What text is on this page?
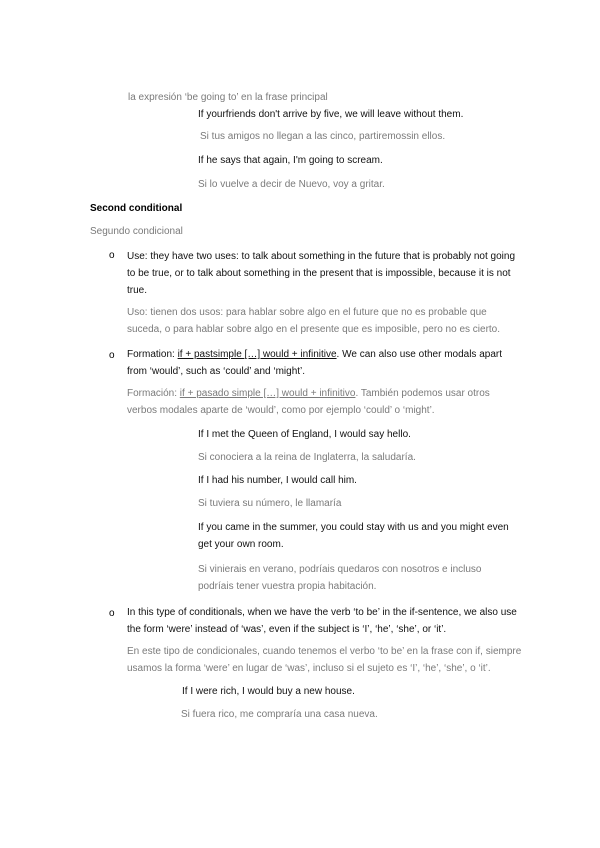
la expresión ‘be going to’ en la frase principal
If yourfriends don't arrive by five, we will leave without them.
Si tus amigos no llegan a las cinco, partiremossin ellos.
If he says that again, I'm going to scream.
Si lo vuelve a decir de Nuevo, voy a gritar.
Second conditional
Segundo condicional
o Use: they have two uses: to talk about something in the future that is probably not going
to be true, or to talk about something in the present that is impossible, because it is not
true.
Uso: tienen dos usos: para hablar sobre algo en el future que no es probable que
suceda, o para hablar sobre algo en el presente que es imposible, pero no es cierto.
o Formation: if + pastsimple […] would + infinitive. We can also use other modals apart
from ‘would’, such as ‘could’ and ‘might’.
Formación: if + pasado simple […] would + infinitivo. También podemos usar otros
verbos modales aparte de ‘would’, como por ejemplo ‘could’ o ‘might’.
If I met the Queen of England, I would say hello.
Si conociera a la reina de Inglaterra, la saludaría.
If I had his number, I would call him.
Si tuviera su número, le llamaría
If you came in the summer, you could stay with us and you might even
get your own room.
Si vinierais en verano, podríais quedaros con nosotros e incluso
podríais tener vuestra propia habitación.
o In this type of conditionals, when we have the verb ‘to be’ in the if-sentence, we also use
the form ‘were’ instead of ‘was’, even if the subject is ‘I’, ‘he’, ‘she’, or ‘it’.
En este tipo de condicionales, cuando tenemos el verbo ‘to be’ en la frase con if, siempre
usamos la forma ‘were’ en lugar de ‘was’, incluso si el sujeto es ‘I’, ‘he’, ‘she’, o ‘it’.
If I were rich, I would buy a new house.
Si fuera rico, me compraría una casa nueva.
